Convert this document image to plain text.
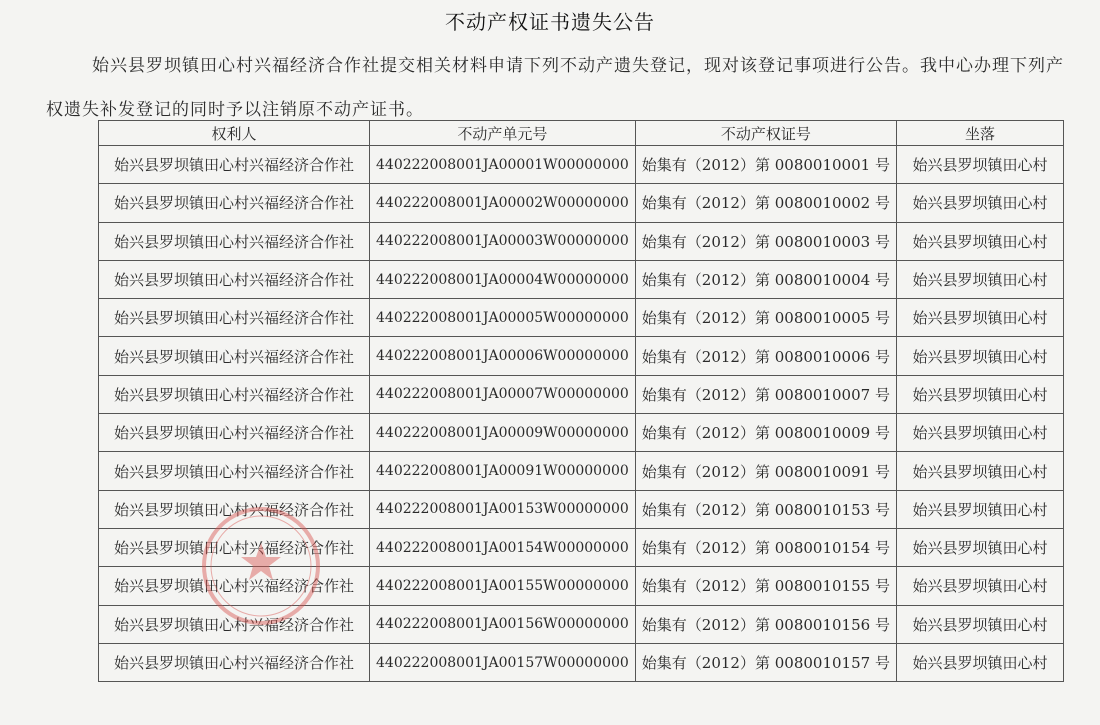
不动产权证书遗失公告
始兴县罗坝镇田心村兴福经济合作社提交相关材料申请下列不动产遗失登记，现对该登记事项进行公告。我中心办理下列产权遗失补发登记的同时予以注销原不动产证书。
权利人	不动产单元号	不动产权证号	坐落
始兴县罗坝镇田心村兴福经济合作社	440222008001JA00001W00000000	始集有（2012）第 0080010001 号	始兴县罗坝镇田心村
始兴县罗坝镇田心村兴福经济合作社	440222008001JA00002W00000000	始集有（2012）第 0080010002 号	始兴县罗坝镇田心村
始兴县罗坝镇田心村兴福经济合作社	440222008001JA00003W00000000	始集有（2012）第 0080010003 号	始兴县罗坝镇田心村
始兴县罗坝镇田心村兴福经济合作社	440222008001JA00004W00000000	始集有（2012）第 0080010004 号	始兴县罗坝镇田心村
始兴县罗坝镇田心村兴福经济合作社	440222008001JA00005W00000000	始集有（2012）第 0080010005 号	始兴县罗坝镇田心村
始兴县罗坝镇田心村兴福经济合作社	440222008001JA00006W00000000	始集有（2012）第 0080010006 号	始兴县罗坝镇田心村
始兴县罗坝镇田心村兴福经济合作社	440222008001JA00007W00000000	始集有（2012）第 0080010007 号	始兴县罗坝镇田心村
始兴县罗坝镇田心村兴福经济合作社	440222008001JA00009W00000000	始集有（2012）第 0080010009 号	始兴县罗坝镇田心村
始兴县罗坝镇田心村兴福经济合作社	440222008001JA00091W00000000	始集有（2012）第 0080010091 号	始兴县罗坝镇田心村
始兴县罗坝镇田心村兴福经济合作社	440222008001JA00153W00000000	始集有（2012）第 0080010153 号	始兴县罗坝镇田心村
始兴县罗坝镇田心村兴福经济合作社	440222008001JA00154W00000000	始集有（2012）第 0080010154 号	始兴县罗坝镇田心村
始兴县罗坝镇田心村兴福经济合作社	440222008001JA00155W00000000	始集有（2012）第 0080010155 号	始兴县罗坝镇田心村
始兴县罗坝镇田心村兴福经济合作社	440222008001JA00156W00000000	始集有（2012）第 0080010156 号	始兴县罗坝镇田心村
始兴县罗坝镇田心村兴福经济合作社	440222008001JA00157W00000000	始集有（2012）第 0080010157 号	始兴县罗坝镇田心村
